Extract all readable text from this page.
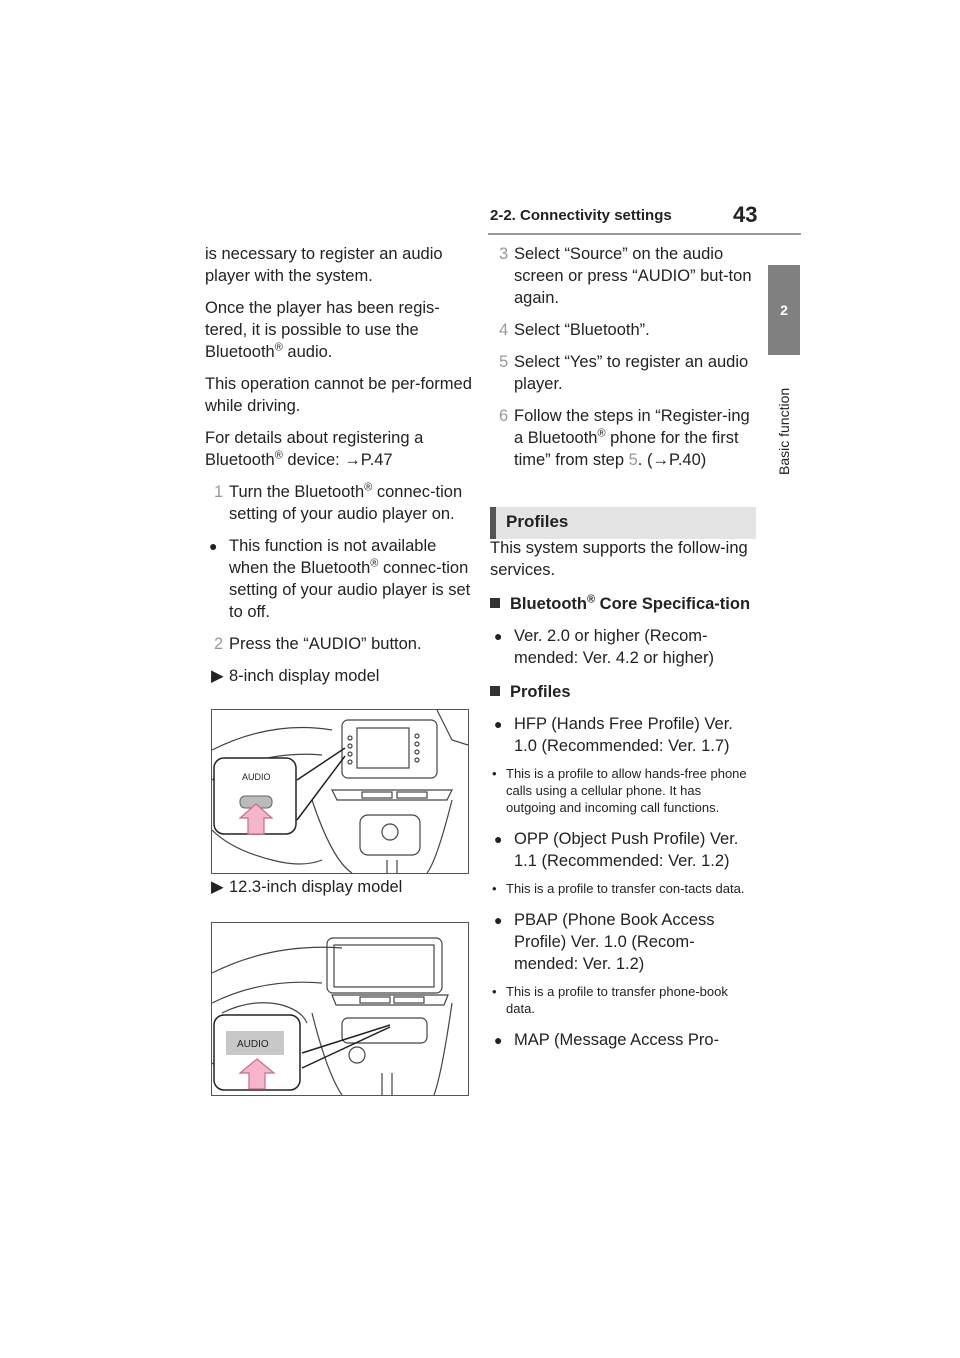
2-2. Connectivity settings	43
2
Basic function

is necessary to register an audio player with the system.

Once the player has been regis-tered, it is possible to use the Bluetooth® audio.

This operation cannot be per-formed while driving.

For details about registering a Bluetooth® device: →P.47

1 Turn the Bluetooth® connec-tion setting of your audio player on.
● This function is not available when the Bluetooth® connec-tion setting of your audio player is set to off.
2 Press the “AUDIO” button.
▶ 8-inch display model
▶ 12.3-inch display model
AUDIO
AUDIO
3 Select “Source” on the audio screen or press “AUDIO” but-ton again.
4 Select “Bluetooth”.
5 Select “Yes” to register an audio player.
6 Follow the steps in “Register-ing a Bluetooth® phone for the first time” from step 5. (→P.40)

This system supports the follow-ing services.

Bluetooth® Core Specifica-tion
● Ver. 2.0 or higher (Recom-mended: Ver. 4.2 or higher)
Profiles
● HFP (Hands Free Profile) Ver. 1.0 (Recommended: Ver. 1.7)
• This is a profile to allow hands-free phone calls using a cellular phone. It has outgoing and incoming call functions.
● OPP (Object Push Profile) Ver. 1.1 (Recommended: Ver. 1.2)
• This is a profile to transfer con-tacts data.
● PBAP (Phone Book Access Profile) Ver. 1.0 (Recom-mended: Ver. 1.2)
• This is a profile to transfer phone-book data.
● MAP (Message Access Pro-
Profiles
